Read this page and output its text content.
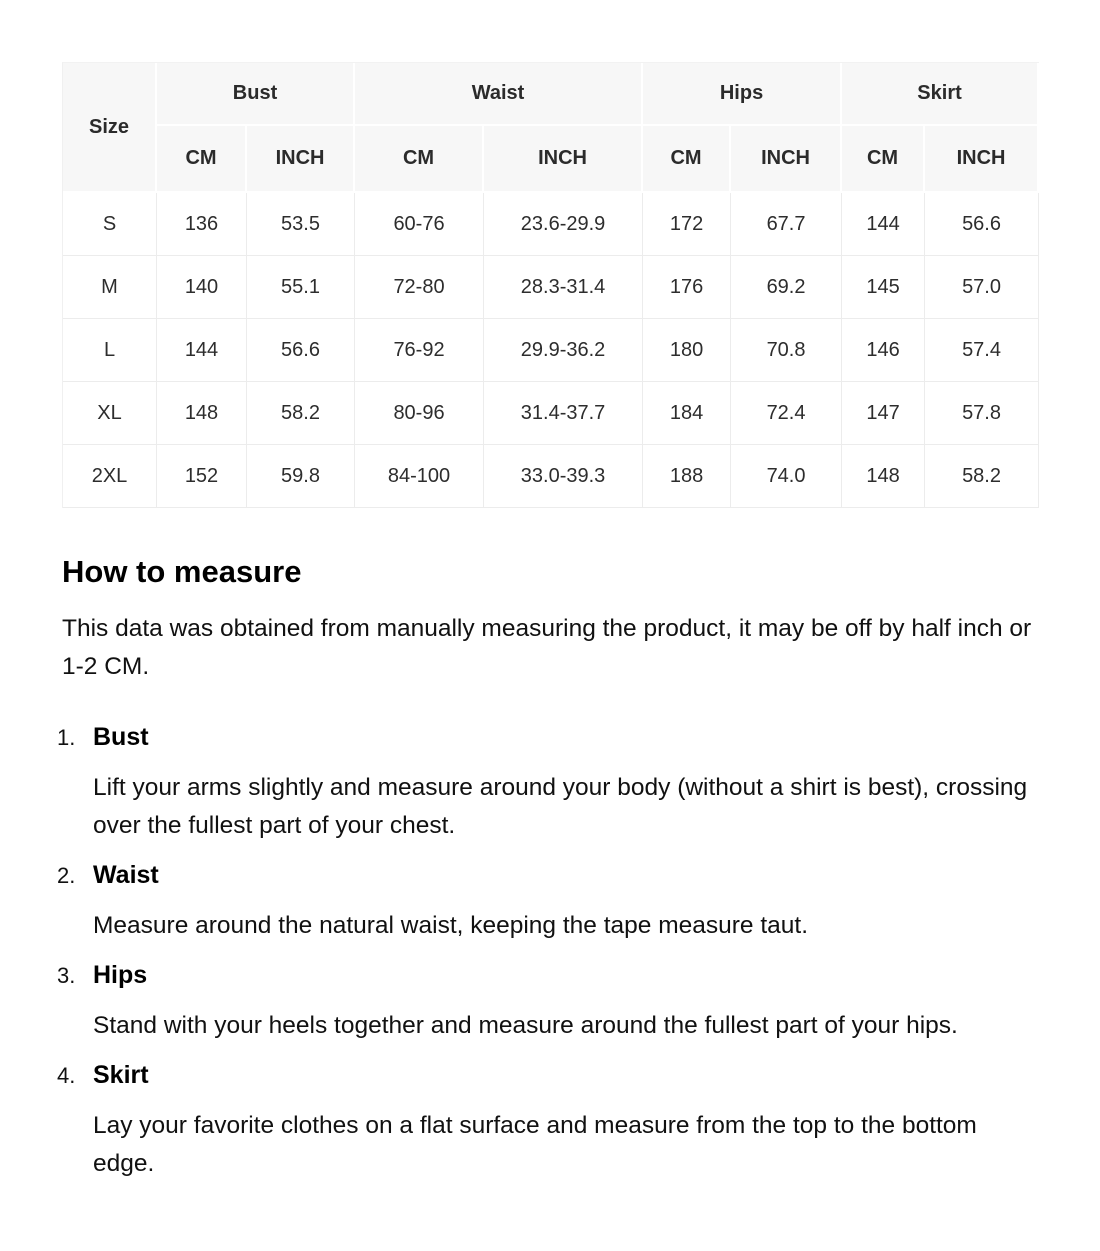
Size	Bust		Waist		Hips		Skirt	
	CM	INCH	CM	INCH	CM	INCH	CM	INCH
S	136	53.5	60-76	23.6-29.9	172	67.7	144	56.6
M	140	55.1	72-80	28.3-31.4	176	69.2	145	57.0
L	144	56.6	76-92	29.9-36.2	180	70.8	146	57.4
XL	148	58.2	80-96	31.4-37.7	184	72.4	147	57.8
2XL	152	59.8	84-100	33.0-39.3	188	74.0	148	58.2
How to measure

This data was obtained from manually measuring the product, it may be off by half inch or 1-2 CM.

1. Bust

Lift your arms slightly and measure around your body (without a shirt is best), crossing over the fullest part of your chest.

2. Waist

Measure around the natural waist, keeping the tape measure taut.

3. Hips

Stand with your heels together and measure around the fullest part of your hips.

4. Skirt

Lay your favorite clothes on a flat surface and measure from the top to the bottom edge.
